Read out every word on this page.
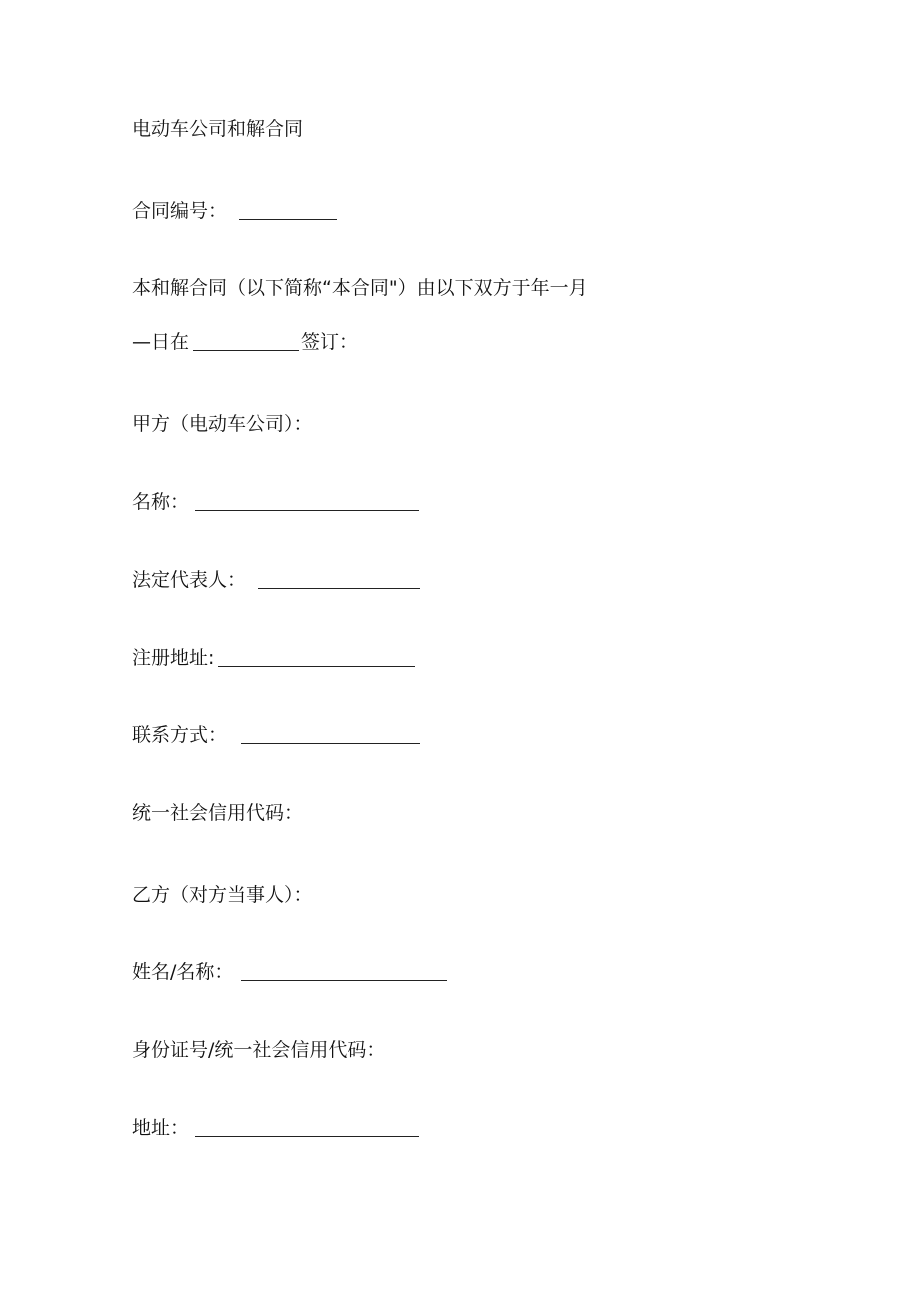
电动车公司和解合同
合同编号：
本和解合同（以下简称“本合同"）由以下双方于年一月
—日在	签订：
甲方（电动车公司）：
名称：
法定代表人：
注册地址:
联系方式：
统一社会信用代码：
乙方（对方当事人）：
姓名/名称：
身份证号/统一社会信用代码：
地址：
